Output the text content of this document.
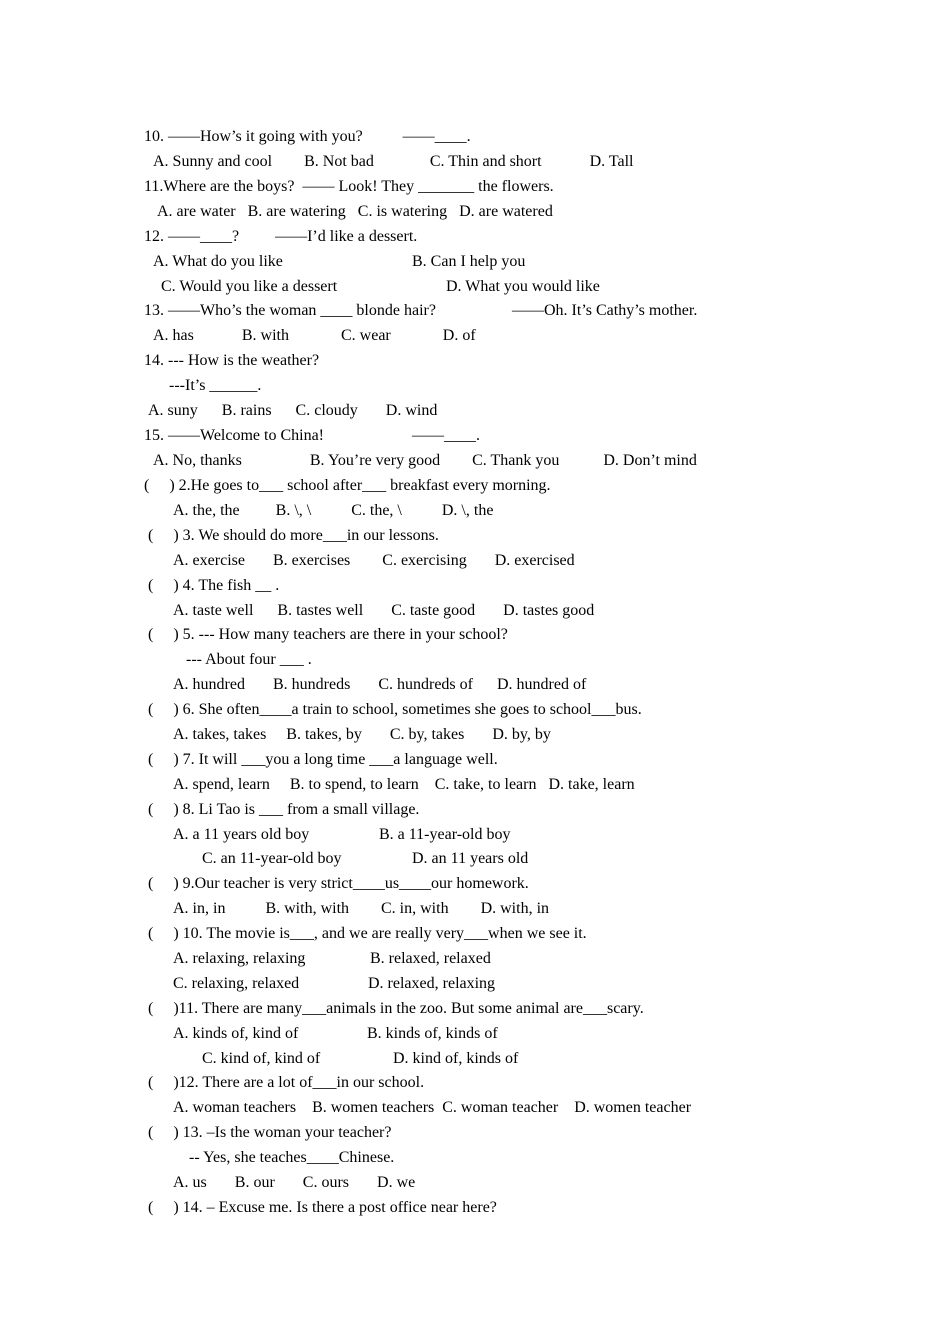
10. ——How’s it going with you?          ——____.
A. Sunny and cool        B. Not bad              C. Thin and short            D. Tall
11.Where are the boys?  —— Look! They _______ the flowers.
A. are water   B. are watering   C. is watering   D. are watered
12. ——____?         ——I’d like a dessert.
A. What do you like	B. Can I help you
C. Would you like a dessert	D. What you would like
13. ——Who’s the woman ____ blonde hair?	——Oh. It’s Cathy’s mother.
A. has            B. with             C. wear             D. of
14. --- How is the weather?
---It’s ______.
A. suny      B. rains      C. cloudy       D. wind
15. ——Welcome to China!	——____.
A. No, thanks                 B. You’re very good        C. Thank you           D. Don’t mind
(     ) 2.He goes to___ school after___ breakfast every morning.
A. the, the         B. \, \          C. the, \          D. \, the
(     ) 3. We should do more___in our lessons.
A. exercise       B. exercises        C. exercising       D. exercised
(     ) 4. The fish __ .
A. taste well      B. tastes well       C. taste good       D. tastes good
(     ) 5. --- How many teachers are there in your school?
--- About four ___ .
A. hundred       B. hundreds       C. hundreds of      D. hundred of
(     ) 6. She often____a train to school, sometimes she goes to school___bus.
A. takes, takes     B. takes, by       C. by, takes       D. by, by
(     ) 7. It will ___you a long time ___a language well.
A. spend, learn     B. to spend, to learn    C. take, to learn   D. take, learn
(     ) 8. Li Tao is ___ from a small village.
A. a 11 years old boy	B. a 11-year-old boy
C. an 11-year-old boy	D. an 11 years old
(     ) 9.Our teacher is very strict____us____our homework.
A. in, in          B. with, with        C. in, with        D. with, in
(     ) 10. The movie is___, and we are really very___when we see it.
A. relaxing, relaxing	B. relaxed, relaxed
C. relaxing, relaxed	D. relaxed, relaxing
(     )11. There are many___animals in the zoo. But some animal are___scary.
A. kinds of, kind of	B. kinds of, kinds of
C. kind of, kind of	D. kind of, kinds of
(     )12. There are a lot of___in our school.
A. woman teachers    B. women teachers  C. woman teacher    D. women teacher
(     ) 13. –Is the woman your teacher?
-- Yes, she teaches____Chinese.
A. us       B. our       C. ours       D. we
(     ) 14. – Excuse me. Is there a post office near here?
